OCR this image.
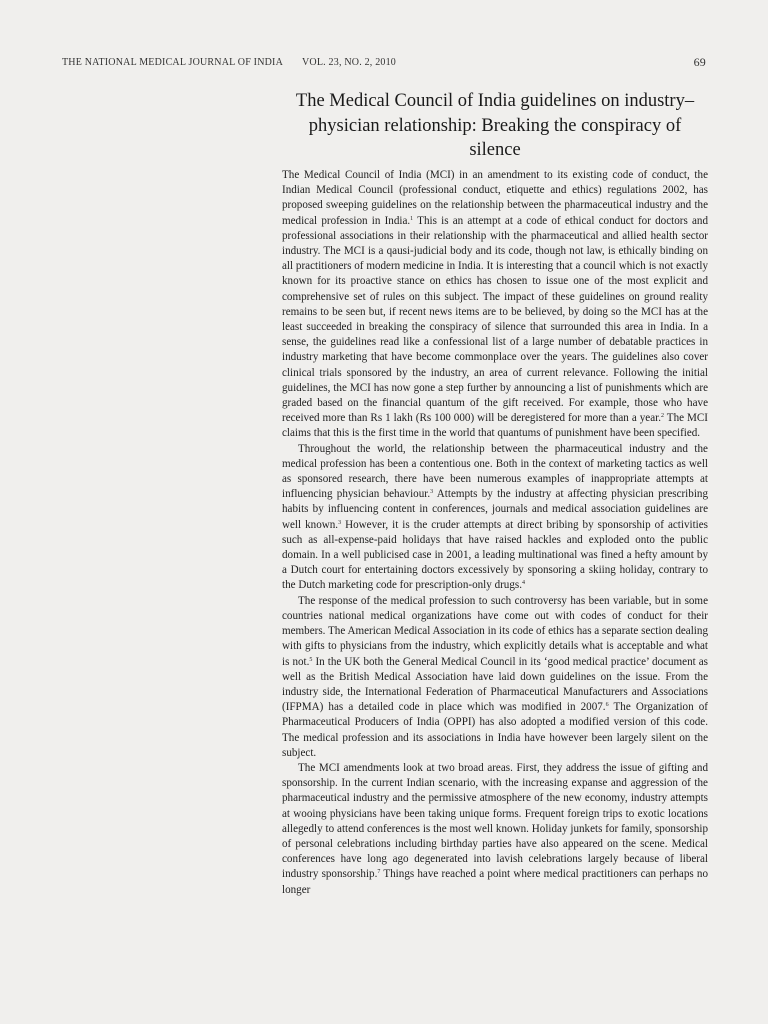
THE NATIONAL MEDICAL JOURNAL OF INDIA VOL. 23, NO. 2, 2010	69
The Medical Council of India guidelines on industry–physician relationship: Breaking the conspiracy of silence

The Medical Council of India (MCI) in an amendment to its existing code of conduct, the Indian Medical Council (professional conduct, etiquette and ethics) regulations 2002, has proposed sweeping guidelines on the relationship between the pharmaceutical industry and the medical profession in India.$^1$ This is an attempt at a code of ethical conduct for doctors and professional associations in their relationship with the pharmaceutical and allied health sector industry. The MCI is a qausi-judicial body and its code, though not law, is ethically binding on all practitioners of modern medicine in India. It is interesting that a council which is not exactly known for its proactive stance on ethics has chosen to issue one of the most explicit and comprehensive set of rules on this subject. The impact of these guidelines on ground reality remains to be seen but, if recent news items are to be believed, by doing so the MCI has at the least succeeded in breaking the conspiracy of silence that surrounded this area in India. In a sense, the guidelines read like a confessional list of a large number of debatable practices in industry marketing that have become commonplace over the years. The guidelines also cover clinical trials sponsored by the industry, an area of current relevance. Following the initial guidelines, the MCI has now gone a step further by announcing a list of punishments which are graded based on the financial quantum of the gift received. For example, those who have received more than Rs 1 lakh (Rs 100 000) will be deregistered for more than a year.$^2$ The MCI claims that this is the first time in the world that quantums of punishment have been specified.

Throughout the world, the relationship between the pharmaceutical industry and the medical profession has been a contentious one. Both in the context of marketing tactics as well as sponsored research, there have been numerous examples of inappropriate attempts at influencing physician behaviour.$^3$ Attempts by the industry at affecting physician prescribing habits by influencing content in conferences, journals and medical association guidelines are well known.$^3$ However, it is the cruder attempts at direct bribing by sponsorship of activities such as all-expense-paid holidays that have raised hackles and exploded onto the public domain. In a well publicised case in 2001, a leading multinational was fined a hefty amount by a Dutch court for entertaining doctors excessively by sponsoring a skiing holiday, contrary to the Dutch marketing code for prescription-only drugs.$^4$

The response of the medical profession to such controversy has been variable, but in some countries national medical organizations have come out with codes of conduct for their members. The American Medical Association in its code of ethics has a separate section dealing with gifts to physicians from the industry, which explicitly details what is acceptable and what is not.$^5$ In the UK both the General Medical Council in its ‘good medical practice’ document as well as the British Medical Association have laid down guidelines on the issue. From the industry side, the International Federation of Pharmaceutical Manufacturers and Associations (IFPMA) has a detailed code in place which was modified in 2007.$^6$ The Organization of Pharmaceutical Producers of India (OPPI) has also adopted a modified version of this code. The medical profession and its associations in India have however been largely silent on the subject.

The MCI amendments look at two broad areas. First, they address the issue of gifting and sponsorship. In the current Indian scenario, with the increasing expanse and aggression of the pharmaceutical industry and the permissive atmosphere of the new economy, industry attempts at wooing physicians have been taking unique forms. Frequent foreign trips to exotic locations allegedly to attend conferences is the most well known. Holiday junkets for family, sponsorship of personal celebrations including birthday parties have also appeared on the scene. Medical conferences have long ago degenerated into lavish celebrations largely because of liberal industry sponsorship.$^7$ Things have reached a point where medical practitioners can perhaps no longer
